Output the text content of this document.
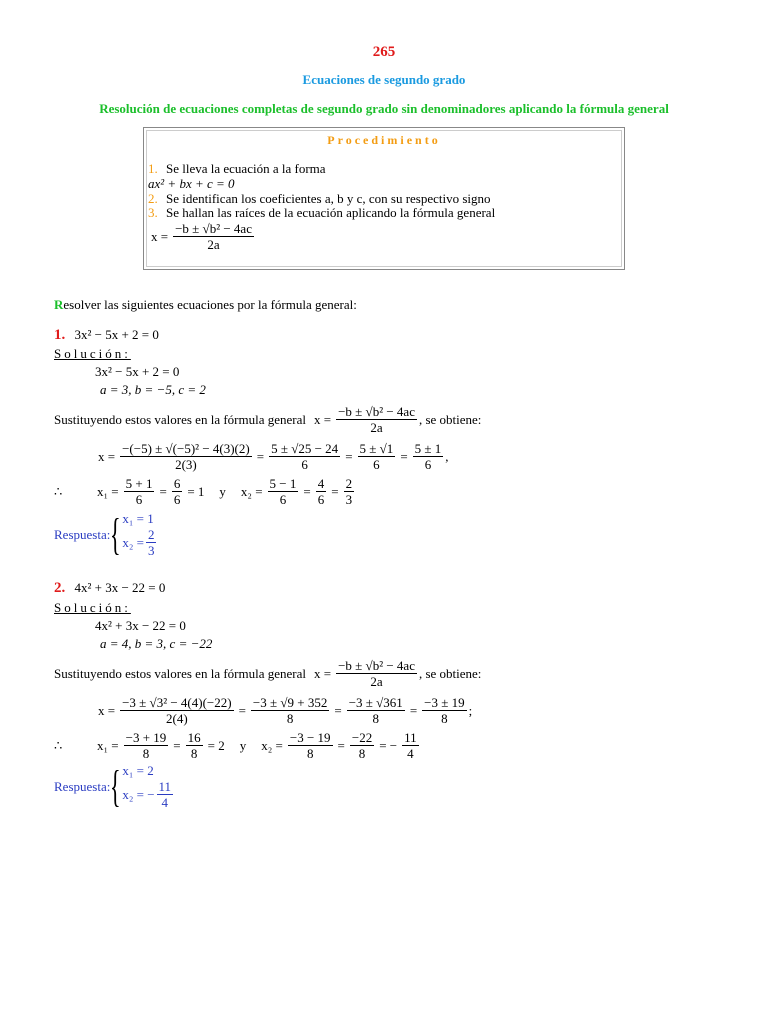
265
Ecuaciones de segundo grado
Resolución de ecuaciones completas de segundo grado sin denominadores aplicando la fórmula general
Procedimiento
1. Se lleva la ecuación a la forma
ax² + bx + c = 0
2. Se identifican los coeficientes a, b y c, con su respectivo signo
3. Se hallan las raíces de la ecuación aplicando la fórmula general
$x = \frac{\text{−b ± √b² − 4ac}}{2a}$
Resolver las siguientes ecuaciones por la fórmula general:
1. 3x² − 5x + 2 = 0
Solución:
3x² − 5x + 2 = 0
a = 3, b = −5, c = 2
Sustituyendo estos valores en la fórmula general $x = \frac{\text{−b ± √b² − 4ac}}{2a}$ , se obtiene:
$x = \frac{\text{−(−5) ± √(−5)² − 4(3)(2)}}{2(3)} = \frac{5 \pm √25 - 24}{6} = \frac{5 \pm √1}{6} = \frac{5 \pm 1}{6}$ ,
∴	$x_1 = \frac{5 + 1}{6} = \frac{6}{6} = 1$ y $x_2 = \frac{5 - 1}{6} = \frac{4}{6} = \frac{2}{3}$
Respuesta: { x₁ = 1
$x_2 = \frac{2}{3}$
2. 4x² + 3x − 22 = 0
Solución:
4x² + 3x − 22 = 0
a = 4, b = 3, c = −22
Sustituyendo estos valores en la fórmula general $x = \frac{\text{−b ± √b² − 4ac}}{2a}$ , se obtiene:
$x = \frac{\text{−3 ± √3² − 4(4)(−22)}}{2(4)} = \frac{-3 \pm √9 + 352}{8} = \frac{-3 \pm √361}{8} = \frac{-3 \pm 19}{8}$ ;
∴	$x_1 = \frac{-3 + 19}{8} = \frac{16}{8} = 2$ y $x_2 = \frac{-3 - 19}{8} = \frac{-22}{8}$ = − $\frac{11}{4}$
Respuesta: { x₁ = 2
x₂ = − $\frac{11}{4}$
